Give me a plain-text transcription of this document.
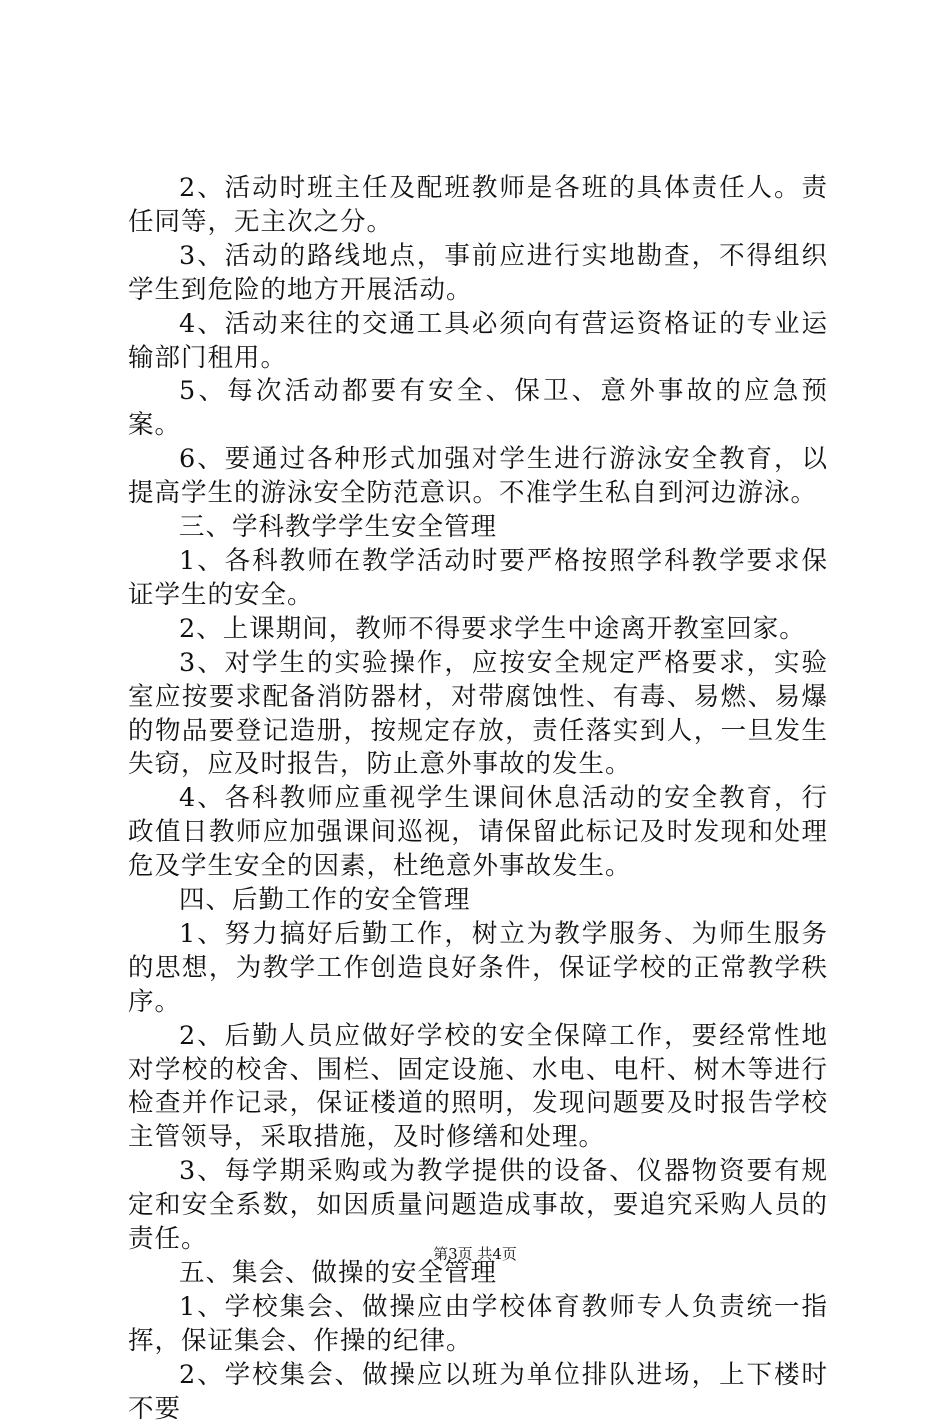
2、活动时班主任及配班教师是各班的具体责任人。责任同等，无主次之分。

3、活动的路线地点，事前应进行实地勘查，不得组织学生到危险的地方开展活动。

4、活动来往的交通工具必须向有营运资格证的专业运输部门租用。

5、每次活动都要有安全、保卫、意外事故的应急预案。

6、要通过各种形式加强对学生进行游泳安全教育，以提高学生的游泳安全防范意识。不准学生私自到河边游泳。

三、学科教学学生安全管理

1、各科教师在教学活动时要严格按照学科教学要求保证学生的安全。

2、上课期间，教师不得要求学生中途离开教室回家。

3、对学生的实验操作，应按安全规定严格要求，实验室应按要求配备消防器材，对带腐蚀性、有毒、易燃、易爆的物品要登记造册，按规定存放，责任落实到人，一旦发生失窃，应及时报告，防止意外事故的发生。

4、各科教师应重视学生课间休息活动的安全教育，行政值日教师应加强课间巡视，请保留此标记及时发现和处理危及学生安全的因素，杜绝意外事故发生。

四、后勤工作的安全管理

1、努力搞好后勤工作，树立为教学服务、为师生服务的思想，为教学工作创造良好条件，保证学校的正常教学秩序。

2、后勤人员应做好学校的安全保障工作，要经常性地对学校的校舍、围栏、固定设施、水电、电杆、树木等进行检查并作记录，保证楼道的照明，发现问题要及时报告学校主管领导，采取措施，及时修缮和处理。

3、每学期采购或为教学提供的设备、仪器物资要有规定和安全系数，如因质量问题造成事故，要追究采购人员的责任。

五、集会、做操的安全管理

1、学校集会、做操应由学校体育教师专人负责统一指挥，保证集会、作操的纪律。

2、学校集会、做操应以班为单位排队进场，上下楼时不要

第3页 共4页
